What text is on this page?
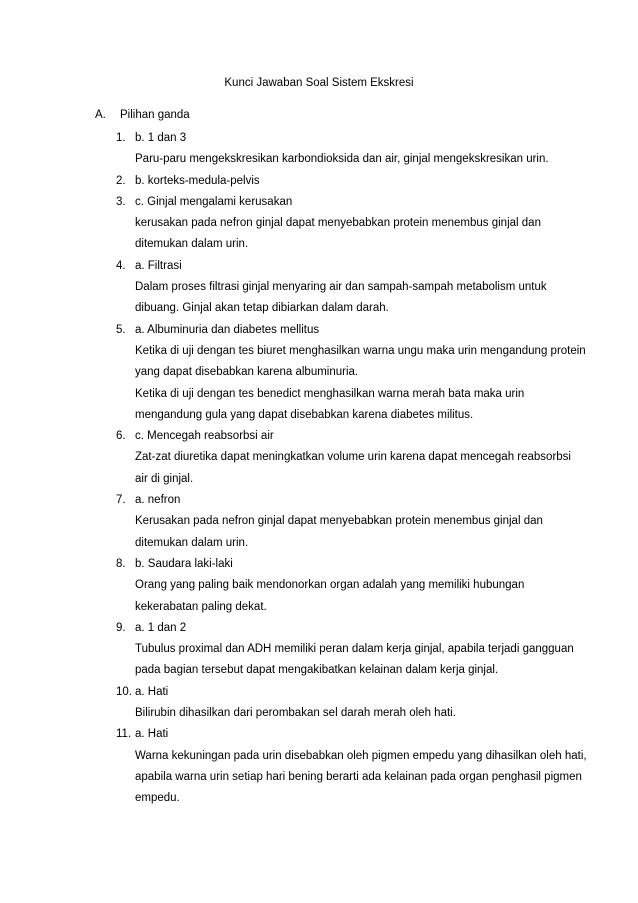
Kunci Jawaban Soal Sistem Ekskresi
A. Pilihan ganda
1. b. 1 dan 3
Paru-paru mengekskresikan karbondioksida dan air, ginjal mengekskresikan urin.
2. b. korteks-medula-pelvis
3. c. Ginjal mengalami kerusakan
kerusakan pada nefron ginjal dapat menyebabkan protein menembus ginjal dan
ditemukan dalam urin.
4. a. Filtrasi
Dalam proses filtrasi ginjal menyaring air dan sampah-sampah metabolism untuk
dibuang. Ginjal akan tetap dibiarkan dalam darah.
5. a. Albuminuria dan diabetes mellitus
Ketika di uji dengan tes biuret menghasilkan warna ungu maka urin mengandung protein
yang dapat disebabkan karena albuminuria.
Ketika di uji dengan tes benedict menghasilkan warna merah bata maka urin
mengandung gula yang dapat disebabkan karena diabetes militus.
6. c. Mencegah reabsorbsi air
Zat-zat diuretika dapat meningkatkan volume urin karena dapat mencegah reabsorbsi
air di ginjal.
7. a. nefron
Kerusakan pada nefron ginjal dapat menyebabkan protein menembus ginjal dan
ditemukan dalam urin.
8. b. Saudara laki-laki
Orang yang paling baik mendonorkan organ adalah yang memiliki hubungan
kekerabatan paling dekat.
9. a. 1 dan 2
Tubulus proximal dan ADH memiliki peran dalam kerja ginjal, apabila terjadi gangguan
pada bagian tersebut dapat mengakibatkan kelainan dalam kerja ginjal.
10. a. Hati
Bilirubin dihasilkan dari perombakan sel darah merah oleh hati.
11. a. Hati
Warna kekuningan pada urin disebabkan oleh pigmen empedu yang dihasilkan oleh hati,
apabila warna urin setiap hari bening berarti ada kelainan pada organ penghasil pigmen
empedu.
